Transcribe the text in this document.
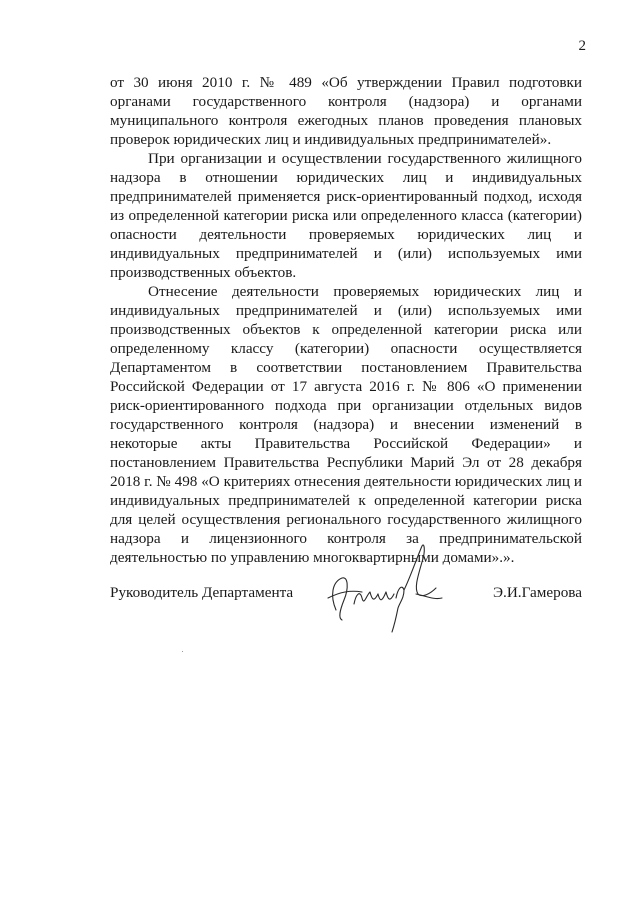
2

от 30 июня 2010 г. № 489 «Об утверждении Правил подготовки органами государственного контроля (надзора) и органами муниципального контроля ежегодных планов проведения плановых проверок юридических лиц и индивидуальных предпринимателей».

При организации и осуществлении государственного жилищного надзора в отношении юридических лиц и индивидуальных предпринимателей применяется риск-ориентированный подход, исходя из определенной категории риска или определенного класса (категории) опасности деятельности проверяемых юридических лиц и индивидуальных предпринимателей и (или) используемых ими производственных объектов.

Отнесение деятельности проверяемых юридических лиц и индивидуальных предпринимателей и (или) используемых ими производственных объектов к определенной категории риска или определенному классу (категории) опасности осуществляется Департаментом в соответствии постановлением Правительства Российской Федерации от 17 августа 2016 г. № 806 «О применении риск-ориентированного подхода при организации отдельных видов государственного контроля (надзора) и внесении изменений в некоторые акты Правительства Российской Федерации» и постановлением Правительства Республики Марий Эл от 28 декабря 2018 г. № 498 «О критериях отнесения деятельности юридических лиц и индивидуальных предпринимателей к определенной категории риска для целей осуществления регионального государственного жилищного надзора и лицензионного контроля за предпринимательской деятельностью по управлению многоквартирными домами».».

Руководитель Департамента	Э.И.Гамерова
